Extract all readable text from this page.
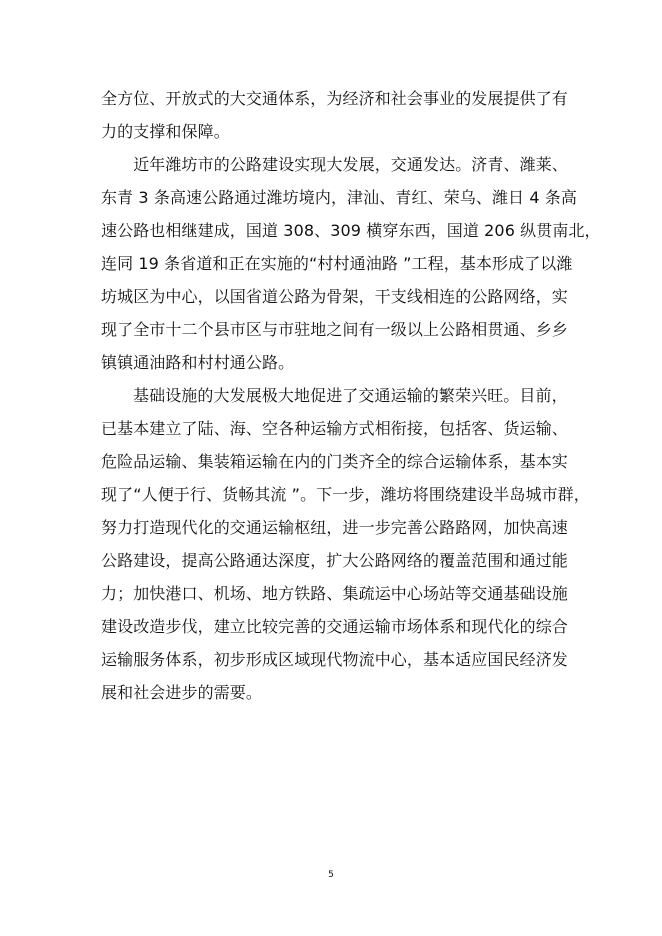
全方位、开放式的大交通体系，为经济和社会事业的发展提供了有
力的支撑和保障。
　　近年潍坊市的公路建设实现大发展，交通发达。济青、潍莱、
东青 3 条高速公路通过潍坊境内，津汕、青红、荣乌、潍日 4 条高
速公路也相继建成，国道 308、309 横穿东西，国道 206 纵贯南北，
连同 19 条省道和正在实施的“村村通油路 ”工程，基本形成了以潍
坊城区为中心，以国省道公路为骨架，干支线相连的公路网络，实
现了全市十二个县市区与市驻地之间有一级以上公路相贯通、乡乡
镇镇通油路和村村通公路。
基础设施的大发展极大地促进了交通运输的繁荣兴旺。目前，
已基本建立了陆、海、空各种运输方式相衔接，包括客、货运输、
危险品运输、集装箱运输在内的门类齐全的综合运输体系，基本实
现了“人便于行、货畅其流 ”。下一步，潍坊将围绕建设半岛城市群，
努力打造现代化的交通运输枢纽，进一步完善公路路网，加快高速
公路建设，提高公路通达深度，扩大公路网络的覆盖范围和通过能
力；加快港口、机场、地方铁路、集疏运中心场站等交通基础设施
建设改造步伐，建立比较完善的交通运输市场体系和现代化的综合
运输服务体系，初步形成区域现代物流中心，基本适应国民经济发
展和社会进步的需要。
5
